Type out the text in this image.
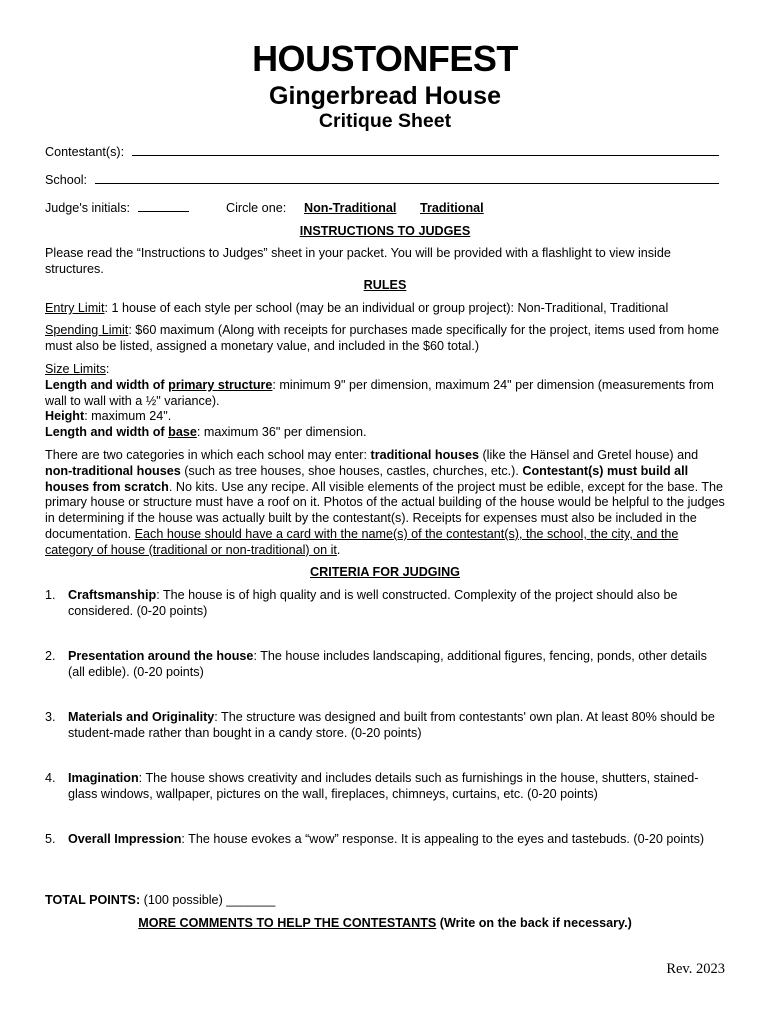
HOUSTONFEST
Gingerbread House
Critique Sheet
Contestant(s):
School:
Judge's initials:	Circle one: Non-Traditional Traditional
INSTRUCTIONS TO JUDGES
Please read the “Instructions to Judges” sheet in your packet. You will be provided with a flashlight to view inside structures.
RULES
Entry Limit: 1 house of each style per school (may be an individual or group project): Non-Traditional, Traditional
Spending Limit: $60 maximum (Along with receipts for purchases made specifically for the project, items used from home must also be listed, assigned a monetary value, and included in the $60 total.)
Size Limits:
Length and width of primary structure: minimum 9" per dimension, maximum 24" per dimension (measurements from wall to wall with a ½" variance).
Height: maximum 24".
Length and width of base: maximum 36" per dimension.
There are two categories in which each school may enter: traditional houses (like the Hänsel and Gretel house) and non-traditional houses (such as tree houses, shoe houses, castles, churches, etc.). Contestant(s) must build all houses from scratch. No kits. Use any recipe. All visible elements of the project must be edible, except for the base. The primary house or structure must have a roof on it. Photos of the actual building of the house would be helpful to the judges in determining if the house was actually built by the contestant(s). Receipts for expenses must also be included in the documentation. Each house should have a card with the name(s) of the contestant(s), the school, the city, and the category of house (traditional or non-traditional) on it.
CRITERIA FOR JUDGING
1. Craftsmanship: The house is of high quality and is well constructed. Complexity of the project should also be considered. (0-20 points)
2. Presentation around the house: The house includes landscaping, additional figures, fencing, ponds, other details (all edible). (0-20 points)
3. Materials and Originality: The structure was designed and built from contestants' own plan. At least 80% should be student-made rather than bought in a candy store. (0-20 points)
4. Imagination: The house shows creativity and includes details such as furnishings in the house, shutters, stained-glass windows, wallpaper, pictures on the wall, fireplaces, chimneys, curtains, etc. (0-20 points)
5. Overall Impression: The house evokes a “wow” response. It is appealing to the eyes and tastebuds. (0-20 points)
TOTAL POINTS: (100 possible) _______
MORE COMMENTS TO HELP THE CONTESTANTS (Write on the back if necessary.)
Rev. 2023
